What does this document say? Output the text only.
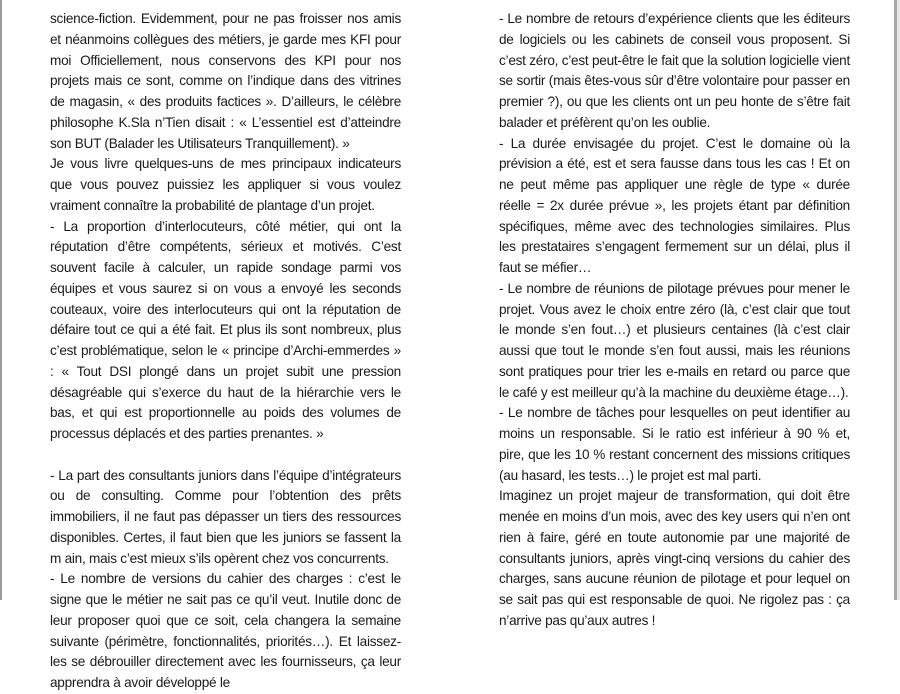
science-fiction. Evidemment, pour ne pas froisser nos amis et néanmoins collègues des métiers, je garde mes KFI pour moi Officiellement, nous conservons des KPI pour nos projets mais ce sont, comme on l’indique dans des vitrines de magasin, « des produits factices ». D’ailleurs, le célèbre philosophe K.Sla n’Tien disait : « L’essentiel est d’atteindre son BUT (Balader les Utilisateurs Tranquillement). »

Je vous livre quelques-uns de mes principaux indicateurs que vous pouvez puissiez les appliquer si vous voulez vraiment connaître la probabilité de plantage d’un projet.

- La proportion d’interlocuteurs, côté métier, qui ont la réputation d’être compétents, sérieux et motivés. C’est souvent facile à calculer, un rapide sondage parmi vos équipes et vous saurez si on vous a envoyé les seconds couteaux, voire des interlocuteurs qui ont la réputation de défaire tout ce qui a été fait. Et plus ils sont nombreux, plus c’est problématique, selon le « principe d’Archi-emmerdes » : « Tout DSI plongé dans un projet subit une pression désagréable qui s’exerce du haut de la hiérarchie vers le bas, et qui est proportionnelle au poids des volumes de processus déplacés et des parties prenantes. »

- La part des consultants juniors dans l’équipe d’intégrateurs ou de consulting. Comme pour l’obtention des prêts immobiliers, il ne faut pas dépasser un tiers des ressources disponibles. Certes, il faut bien que les juniors se fassent la m ain, mais c’est mieux s’ils opèrent chez vos concurrents.

- Le nombre de versions du cahier des charges : c’est le signe que le métier ne sait pas ce qu’il veut. Inutile donc de leur proposer quoi que ce soit, cela changera la semaine suivante (périmètre, fonctionnalités, priorités…). Et laissez-les se débrouiller directement avec les fournisseurs, ça leur apprendra à avoir développé le

- Le nombre de retours d’expérience clients que les éditeurs de logiciels ou les cabinets de conseil vous proposent. Si c’est zéro, c’est peut-être le fait que la solution logicielle vient se sortir (mais êtes-vous sûr d’être volontaire pour passer en premier ?), ou que les clients ont un peu honte de s’être fait balader et préfèrent qu’on les oublie.

- La durée envisagée du projet. C’est le domaine où la prévision a été, est et sera fausse dans tous les cas ! Et on ne peut même pas appliquer une règle de type « durée réelle = 2x durée prévue », les projets étant par définition spécifiques, même avec des technologies similaires. Plus les prestataires s’engagent fermement sur un délai, plus il faut se méfier…

- Le nombre de réunions de pilotage prévues pour mener le projet. Vous avez le choix entre zéro (là, c’est clair que tout le monde s’en fout…) et plusieurs centaines (là c’est clair aussi que tout le monde s’en fout aussi, mais les réunions sont pratiques pour trier les e-mails en retard ou parce que le café y est meilleur qu’à la machine du deuxième étage…).

- Le nombre de tâches pour lesquelles on peut identifier au moins un responsable. Si le ratio est inférieur à 90 % et, pire, que les 10 % restant concernent des missions critiques (au hasard, les tests…) le projet est mal parti.

Imaginez un projet majeur de transformation, qui doit être menée en moins d’un mois, avec des key users qui n’en ont rien à faire, géré en toute autonomie par une majorité de consultants juniors, après vingt-cinq versions du cahier des charges, sans aucune réunion de pilotage et pour lequel on se sait pas qui est responsable de quoi. Ne rigolez pas : ça n’arrive pas qu’aux autres !
